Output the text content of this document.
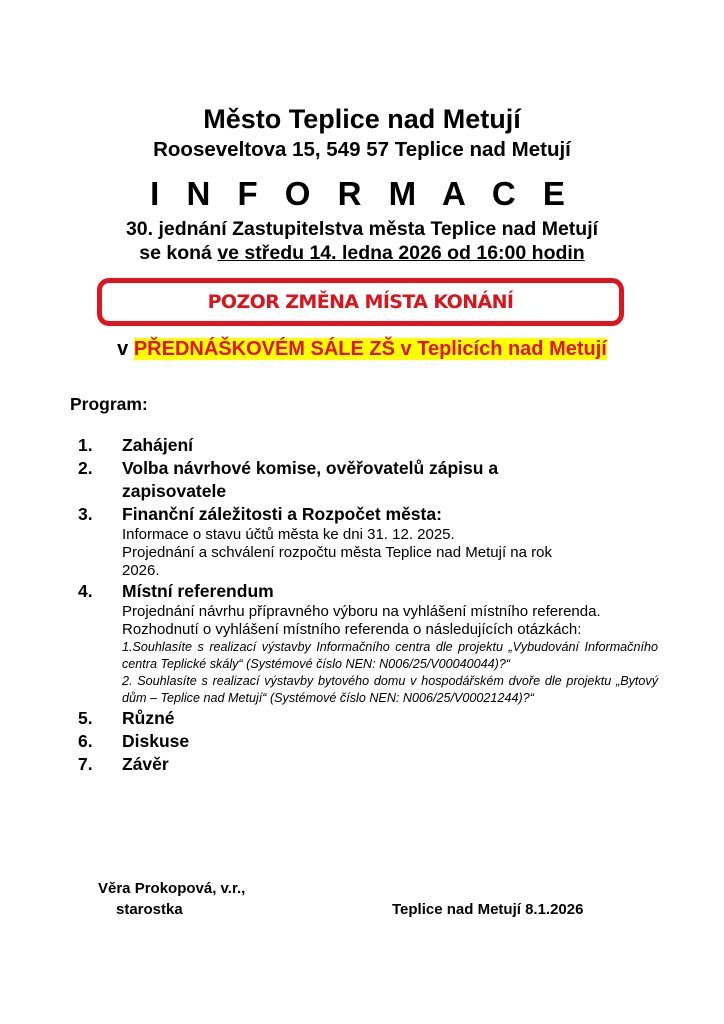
Město Teplice nad Metují
Rooseveltova 15, 549 57 Teplice nad Metují
I N F O R M A C E
30. jednání Zastupitelstva města Teplice nad Metují
se koná ve středu 14. ledna 2026 od 16:00 hodin
POZOR ZMĚNA MÍSTA KONÁNÍ
v PŘEDNÁŠKOVÉM SÁLE ZŠ v Teplicích nad Metují
Program:
1.	Zahájení
2.	Volba návrhové komise, ověřovatelů zápisu a zapisovatele
3.	Finanční záležitosti a Rozpočet města:
Informace o stavu účtů města ke dni 31. 12. 2025.
Projednání a schválení rozpočtu města Teplice nad Metují na rok 2026.
4.	Místní referendum
Projednání návrhu přípravného výboru na vyhlášení místního referenda.
Rozhodnutí o vyhlášení místního referenda o následujících otázkách:
1.Souhlasíte s realizací výstavby Informačního centra dle projektu „Vybudování Informačního centra Teplické skály“ (Systémové číslo NEN: N006/25/V00040044)?“
2. Souhlasíte s realizací výstavby bytového domu v hospodářském dvoře dle projektu „Bytový dům – Teplice nad Metují“ (Systémové číslo NEN: N006/25/V00021244)?“
5.	Různé
6.	Diskuse
7.	Závěr
Věra Prokopová, v.r.,
starostka	Teplice nad Metují 8.1.2026
